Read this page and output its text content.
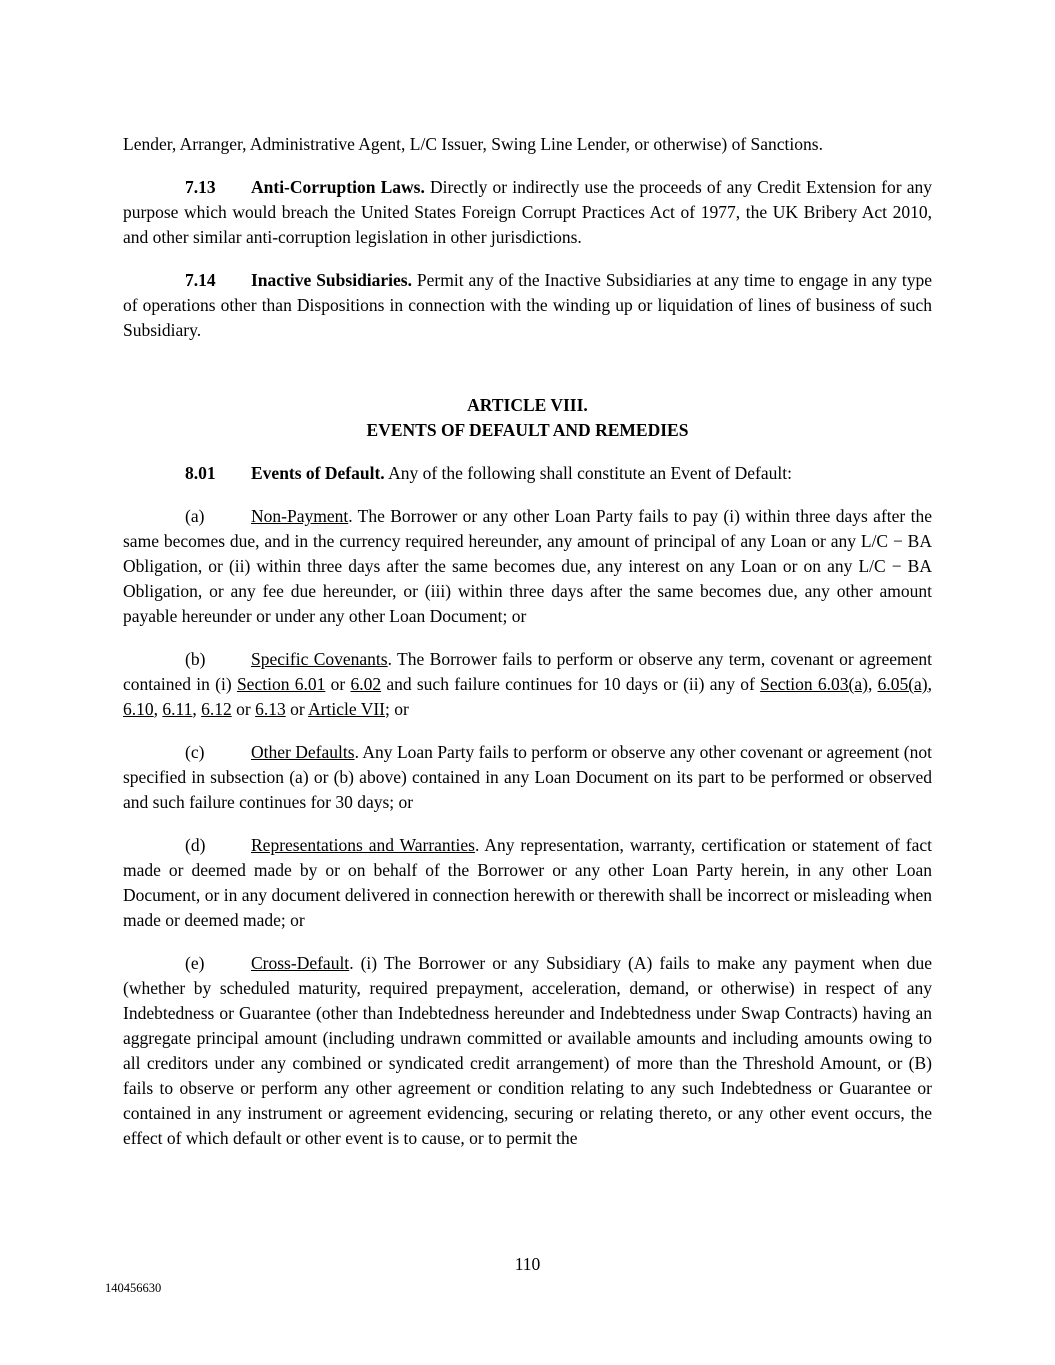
Lender, Arranger, Administrative Agent, L/C Issuer, Swing Line Lender, or otherwise) of Sanctions.

7.13 Anti-Corruption Laws. Directly or indirectly use the proceeds of any Credit Extension for any purpose which would breach the United States Foreign Corrupt Practices Act of 1977, the UK Bribery Act 2010, and other similar anti-corruption legislation in other jurisdictions.

7.14 Inactive Subsidiaries. Permit any of the Inactive Subsidiaries at any time to engage in any type of operations other than Dispositions in connection with the winding up or liquidation of lines of business of such Subsidiary.

ARTICLE VIII.
EVENTS OF DEFAULT AND REMEDIES

8.01 Events of Default. Any of the following shall constitute an Event of Default:

(a)	Non-Payment. The Borrower or any other Loan Party fails to pay (i) within three days after the same becomes due, and in the currency required hereunder, any amount of principal of any Loan or any L/C − BA Obligation, or (ii) within three days after the same becomes due, any interest on any Loan or on any L/C − BA Obligation, or any fee due hereunder, or (iii) within three days after the same becomes due, any other amount payable hereunder or under any other Loan Document; or

(b)	Specific Covenants. The Borrower fails to perform or observe any term, covenant or agreement contained in (i) Section 6.01 or 6.02 and such failure continues for 10 days or (ii) any of Section 6.03(a), 6.05(a), 6.10, 6.11, 6.12 or 6.13 or Article VII; or

(c)	Other Defaults. Any Loan Party fails to perform or observe any other covenant or agreement (not specified in subsection (a) or (b) above) contained in any Loan Document on its part to be performed or observed and such failure continues for 30 days; or

(d)	Representations and Warranties. Any representation, warranty, certification or statement of fact made or deemed made by or on behalf of the Borrower or any other Loan Party herein, in any other Loan Document, or in any document delivered in connection herewith or therewith shall be incorrect or misleading when made or deemed made; or

(e)	Cross-Default. (i) The Borrower or any Subsidiary (A) fails to make any payment when due (whether by scheduled maturity, required prepayment, acceleration, demand, or otherwise) in respect of any Indebtedness or Guarantee (other than Indebtedness hereunder and Indebtedness under Swap Contracts) having an aggregate principal amount (including undrawn committed or available amounts and including amounts owing to all creditors under any combined or syndicated credit arrangement) of more than the Threshold Amount, or (B) fails to observe or perform any other agreement or condition relating to any such Indebtedness or Guarantee or contained in any instrument or agreement evidencing, securing or relating thereto, or any other event occurs, the effect of which default or other event is to cause, or to permit the

110
140456630
